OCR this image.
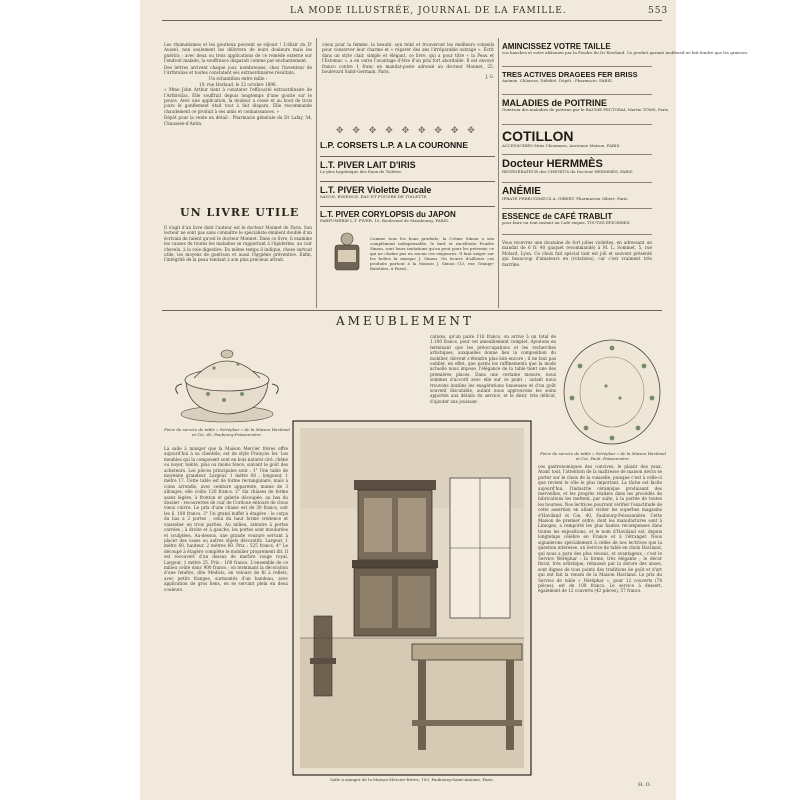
LA MODE ILLUSTRÉE, JOURNAL DE LA FAMILLE.	553

Les rhumatismes et les goutteux peuvent se réjouir ! L'élixir du D' Aussel, non seulement les délivrera de leurs douleurs mais les guérira ; avec deux ou trois applications de ce remède externe sur l'endroit malade, la souffrance disparaît comme par enchantement.

Des lettres arrivent chaque jour, nombreuses, chez l'inventeur de l'Arthrolias et toutes constatent ses extraordinaires résultats.

Un échantillon entre mille :

10, rue Harlaud, le 22 octobre 1896.

« Mme John Arthur tient à constater l'efficacité extraordinaire de l'Arthrolias. Elle souffrait depuis longtemps d'une goutte sur le pouce. Avec une application, la douleur a cessé et au bout de trois jours le gonflement était tout à fait disparu. Elle recommande chaudement ce produit à ses amis et connaissances. »

Dépôt pour la vente en détail : Pharmacie générale du Dr Lafay, 54, Chaussée-d'Antin.

UN LIVRE UTILE

Il s'agit d'un livre dont l'auteur est le docteur Monnet de Paris. Son lecteur ne sont pas sans connaître le spécialiste éminent doublé d'un écrivain de talent qu'est le docteur Monnet. Dans ce livre, il examine les causes de toutes les maladies se rapportant à l'épiderme, au cuir chevelu, à la voie digestive. En même temps il indique, chose surtout utile, les moyens de guérison et aussi l'hygiène préventive. Enfin, l'intégrité de la peau tendant à son plus précieux attrait.

cieux pour la femme, la beauté, son teint et trouveront les meilleurs conseils pour conserver leur charme et « réparer des ans l'irréparable outrage ». Écrit dans un style clair, simple et élégant, ce livre, qui a pour titre « la Peau et l'Estomac », a en outre l'avantage d'être d'un prix fort abordable. Il est envoyé franco contre 1 franc en mandat-poste adressé au docteur Monnet, 25, boulevard Saint-Germain, Paris.

J. G.

✥ ✥ ✥ ✥ ✥ ✥ ✥ ✥ ✥
L.P. CORSETS L.P. A LA COURONNE
L.T. PIVER LAIT D'IRIS
Le plus hygiénique des Eaux de Toilette.
L.T. PIVER Violette Ducale
SAVON, ESSENCE, EAU ET POUDRE DE TOILETTE
L.T. PIVER CORYLOPSIS du JAPON
PARFUMERIE L.T. PIVER, 10, Boulevard de Strasbourg, PARIS.

Comme tous les bons produits, la Crème Simon a son complément indispensable, le fard et excellente Poudre Simon, sont leurs imitations qu'on peut pour les prévenir, ce qui ne chaîne pas en aucun ces exigences. Il faut exiger sur les boîtes la marque J. Simon. On trouve d'ailleurs ces produits partout à la Maison J. Simon (13, rue Grange-Batelière, à Paris).

AMINCISSEZ VOTRE TAILLE
vos hanches et votre abdomen par la Poudre du Dr Rowland. Ce produit garanti inoffensif ne fait fondre que les graisses.
TRES ACTIVES DRAGEES FER BRISS
Anémie, Chlorose, Débilité. Dépôt : Pharmacie, PARIS.
MALADIES de POITRINE
Guérison des maladies de poitrine par le BAUME PECTORAL Martin TOMS, Paris.
COTILLON
ACCESSOIRES Mme Choumara, Ancienne Maison, PARIS.
Docteur HERMMÈS
RÉGÉNÉRATEUR des CHEVEUX du Docteur HERMMÈS, PARIS.
ANÉMIE
IPRATE FERRUGINEUX A. GIBERT. Pharmacien Gibert, Paris.
ESSENCE de CAFÉ TRABLIT
pour faire en tout instant un Café exquis, TOUTES ÉPICERIES.

Vous recevrez une douzaine de fort jolies violettes, en adressant un mandat de 6 fr. 40 (paquet recommandé) à M. L. Sommet, 5, rue Molard, Lyon. Ce choix fait spécial tant est joli et souvent présenté qui beaucoup d'amateurs en (rotations), car c'est vraiment très marrine.

AMEUBLEMENT
Pièce du service de table « Néréphar » de la Maison Haviland et Cie, 40, Faubourg-Poissonnière.
Pièce du service de table « Néréphar » de la Maison Haviland et Cie, Faub. Poissonnière.

cations, qu'un paire 110 francs, on arrive à un total de 1.100 francs, pour cet ameublement complet. Ajoutons en terminant que les préoccupations et les recherches artistiques, auxquelles donne lieu la composition du mobilier, doivent s'étendre plus loin encore ; il ne faut pas oublier, en effet, que parmi les raffinements que la mode actuelle nous impose, l'élégance de la table tient une des premières places. Dans une certaine mesure, nous sommes d'accord avec elle sur ce point ; autant nous trouvons inutiles les exagérations luxueuses et d'un goût souvent discutable, autant nous approuvons les soins apportés aux détails du service, et le désir, très délicat, d'ajouter aux jouissan-

La salle à manger que la Maison Mercier frères offre aujourd'hui à sa clientèle, est de style François Ier. Les meubles qui la composent sont en bois naturel ciré, chêne ou noyer, teinté, plus ou moins foncé, suivant le goût des acheteurs. Les pièces principales sont : 1° Une table de moyenne grandeur. Largeur, 1 mètre 08 ; longueur, 1 mètre 17. Cette table est de forme rectangulaire, mais à coins arrondis, avec ceinture apparente, munie de 3 allonges, elle coûte 120 francs. 2° Six chaises de forme assez légère, à fronton et galerie découpée, au bas du dossier : recouvertes de cuir de Cordoue entouré de clous vieux cuivre. Le prix d'une chaise est de 30 francs, soit les 6, 180 francs. 3° Un grand buffet à étagère : le corps du bas a 2 portes ; celui du haut forme crédence et vaisselier en trois parties. Au milieu, armoire à portes carrées ; à droite et à gauche, les portes sont moulurées et sculptées. Au-dessus, une grande vousure servant à placer des vases ou autres objets décoratifs. Largeur, 1 mètre 60, hauteur, 2 mètres 60. Prix : 525 francs. 4° Le découpé à étagère complète le mobilier proprement dit. Il est recouvert d'un dessus de marbre rouge royal. Largeur, 1 mètre 25. Prix : 160 francs. L'ensemble de ce milieu coûte donc 900 francs ; on terminant la décoration d'une fenêtre, dite Médicis, en velours de fil à reflets, avec petits franges, surmontés d'un bandeau, avec application de gros liens, en se servant plein en deux couleurs.

Salle à manger de la Maison Mercier frères, 100, Faubourg-Saint-Antoine, Paris.

ces gastronomiques des convives, le plaisir des yeux. Avant tout, l'attention de la maîtresse de maison devra se porter sur le choix de la vaisselle, puisque c'est à celle-ci que revient le rôle le plus important. La tâche est facile aujourd'hui, l'industrie céramique produisant des merveilles, et les progrès réalisés dans les procédés de fabrications les mettent, par suite, à la portée de toutes les bourses. Nos lectrices pourront vérifier l'exactitude de cette assertion en allant visiter les superbes magasins d'Haviland et Cie, 40, Faubourg-Poissonnière. Cette Maison de premier ordre, dont les manufactures sont à Limoges, a remporté les plus hautes récompenses dans toutes les expositions, et le nom d'Haviland est, depuis longtemps célèbre en France et à l'étranger. Nous signalerons spécialement à celles de nos lectrices que la question intéresse, un Service de table en choix Haviland, qui nous a paru des plus réussis, et avantageux ; c'est le Service Néréphar : la forme, très élégante ; le décor floral, très artistique, rehaussé par la dorure des anses, sont dignes de tous points des traditions de goût et d'art qui ont fait la renom de la Maison Haviland. Le prix du Service de table « Néréphar », pour 12 couverts (74 pièces), est de 108 francs. Le service à dessert, également de 12 couverts (42 pièces), 57 francs.

H. O.
